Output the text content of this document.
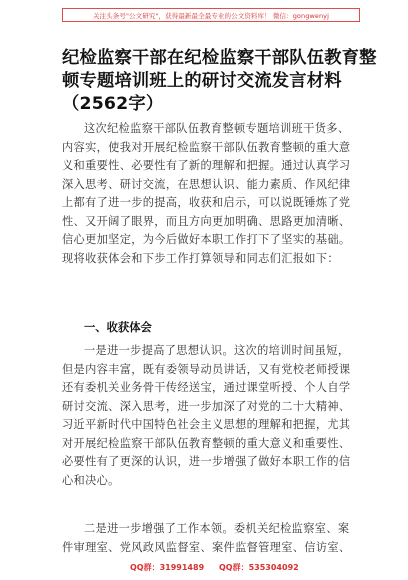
关注头条号"公文研究"，获得最新最全最专业的公文资料库！ 微信：gongwenyj
纪检监察干部在纪检监察干部队伍教育整
顿专题培训班上的研讨交流发言材料
（2562字）
这次纪检监察干部队伍教育整顿专题培训班干货多、
内容实，使我对开展纪检监察干部队伍教育整顿的重大意
义和重要性、必要性有了新的理解和把握。通过认真学习
深入思考、研讨交流，在思想认识、能力素质、作风纪律
上都有了进一步的提高，收获和启示，可以说既锤炼了党
性、又开阔了眼界，而且方向更加明确、思路更加清晰、
信心更加坚定，为今后做好本职工作打下了坚实的基础。
现将收获体会和下步工作打算领导和同志们汇报如下：
一、收获体会
一是进一步提高了思想认识。这次的培训时间虽短，
但是内容丰富，既有委领导动员讲话，又有党校老师授课
还有委机关业务骨干传经送宝，通过课堂听授、个人自学
研讨交流、深入思考，进一步加深了对党的二十大精神、
习近平新时代中国特色社会主义思想的理解和把握，尤其
对开展纪检监察干部队伍教育整顿的重大意义和重要性、
必要性有了更深的认识，进一步增强了做好本职工作的信
心和决心。
二是进一步增强了工作本领。委机关纪检监察室、案
件审理室、党风政风监督室、案件监督管理室、信访室、
QQ群：31991489 QQ群：535304092
